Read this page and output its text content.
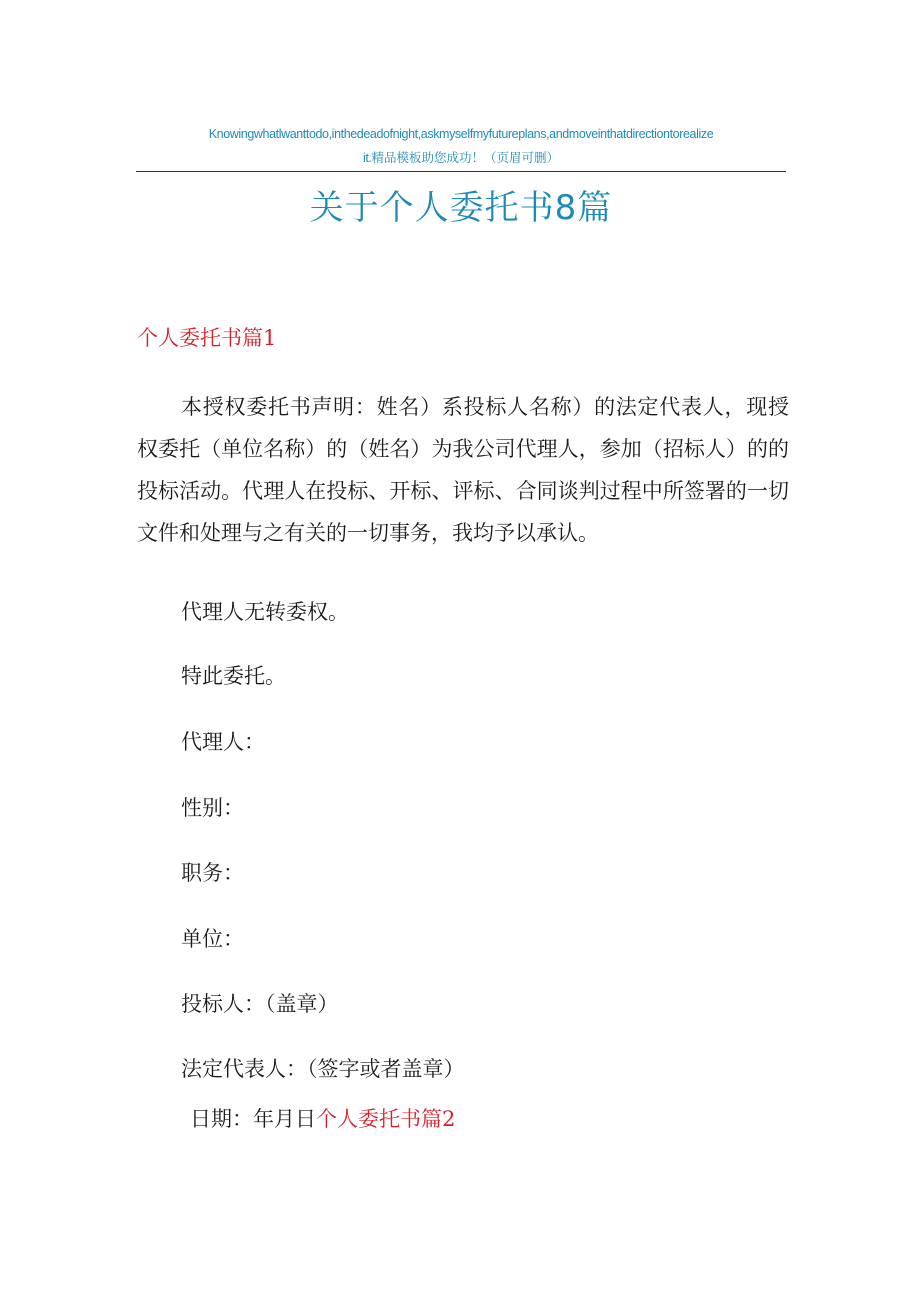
Knowingwhatlwanttodo,inthedeadofnight,askmyselfmyfutureplans,andmoveinthatdirectiontorealize
it.精品模板助您成功！（页眉可删）
关于个人委托书8篇
个人委托书篇1
本授权委托书声明：姓名）系投标人名称）的法定代表人，现授权委托（单位名称）的（姓名）为我公司代理人，参加（招标人）的的投标活动。代理人在投标、开标、评标、合同谈判过程中所签署的一切文件和处理与之有关的一切事务，我均予以承认。
代理人无转委权。
特此委托。
代理人：
性别：
职务：
单位：
投标人：（盖章）
法定代表人：（签字或者盖章）
日期：年月日个人委托书篇2
